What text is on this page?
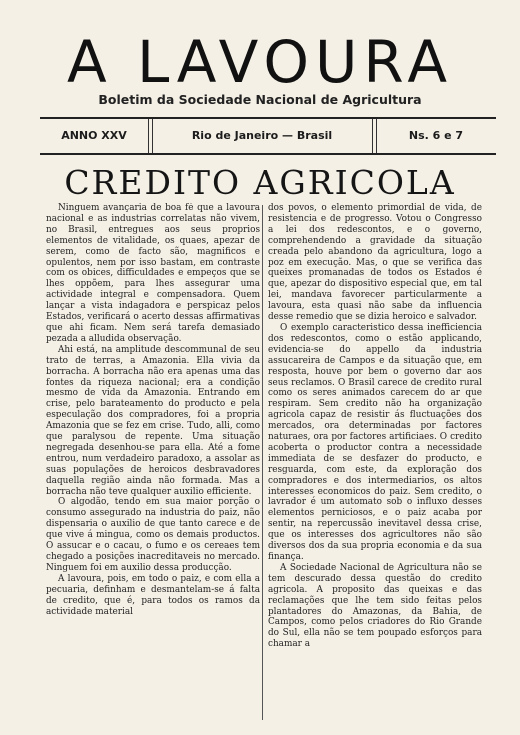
A LAVOURA
Boletim da Sociedade Nacional de Agricultura
ANNO XXV	Rio de Janeiro — Brasil	Ns. 6 e 7
CREDITO AGRICOLA

Ninguem avançaria de boa fé que a lavoura nacional e as industrias correlatas não vivem, no Brasil, entregues aos seus proprios elementos de vitalidade, os quaes, apezar de serem, como de facto são, magnificos e opulentos, nem por isso bastam, em contraste com os obices, difficuldades e empeços que se lhes oppõem, para lhes assegurar uma actividade integral e compensadora. Quem lançar a vista indagadora e perspicaz pelos Estados, verificará o acerto dessas affirmativas que ahi ficam. Nem será tarefa demasiado pezada a alludida observação.

Ahi está, na amplitude descommunal de seu trato de terras, a Amazonia. Ella vivia da borracha. A borracha não era apenas uma das fontes da riqueza nacional; era a condição mesmo de vida da Amazonia. Entrando em crise, pelo barateamento do producto e pela especulação dos compradores, foi a propria Amazonia que se fez em crise. Tudo, alli, como que paralysou de repente. Uma situação negregada desenhou-se para ella. Até a fome entrou, num verdadeiro paradoxo, a assolar as suas populações de heroicos desbravadores daquella região ainda não formada. Mas a borracha não teve qualquer auxilio efficiente.

O algodão, tendo em sua maior porção o consumo assegurado na industria do paiz, não dispensaria o auxilio de que tanto carece e de que vive á mingua, como os demais productos. O assucar e o cacau, o fumo e os cereaes tem chegado a posições inacreditaveis no mercado. Ninguem foi em auxilio dessa producção.

A lavoura, pois, em todo o paiz, e com ella a pecuaria, definham e desmantelam-se á falta de credito, que é, para todos os ramos da actividade material

dos povos, o elemento primordial de vida, de resistencia e de progresso. Votou o Congresso a lei dos redescontos, e o governo, comprehendendo a gravidade da situação creada pelo abandono da agricultura, logo a poz em execução. Mas, o que se verifica das queixes promanadas de todos os Estados é que, apezar do dispositivo especial que, em tal lei, mandava favorecer particularmente a lavoura, esta quasi não sabe da influencia desse remedio que se dizia heroico e salvador.

O exemplo caracteristico dessa inefficiencia dos redescontos, como o estão applicando, evidencia-se do appello da industria assucareira de Campos e da situação que, em resposta, houve por bem o governo dar aos seus reclamos. O Brasil carece de credito rural como os seres animados carecem do ar que respiram. Sem credito não ha organização agricola capaz de resistir ás fluctuações dos mercados, ora determinadas por factores naturaes, ora por factores artificiaes. O credito acoberta o productor contra a necessidade immediata de se desfazer do producto, e resguarda, com este, da exploração dos compradores e dos intermediarios, os altos interesses economicos do paiz. Sem credito, o lavrador é um automato sob o influxo desses elementos perniciosos, e o paiz acaba por sentir, na repercussão inevitavel dessa crise, que os interesses dos agricultores não são diversos dos da sua propria economia e da sua finança.

A Sociedade Nacional de Agricultura não se tem descurado dessa questão do credito agricola. A proposito das queixas e das reclamações que lhe tem sido feitas pelos plantadores do Amazonas, da Bahia, de Campos, como pelos criadores do Rio Grande do Sul, ella não se tem poupado esforços para chamar a
